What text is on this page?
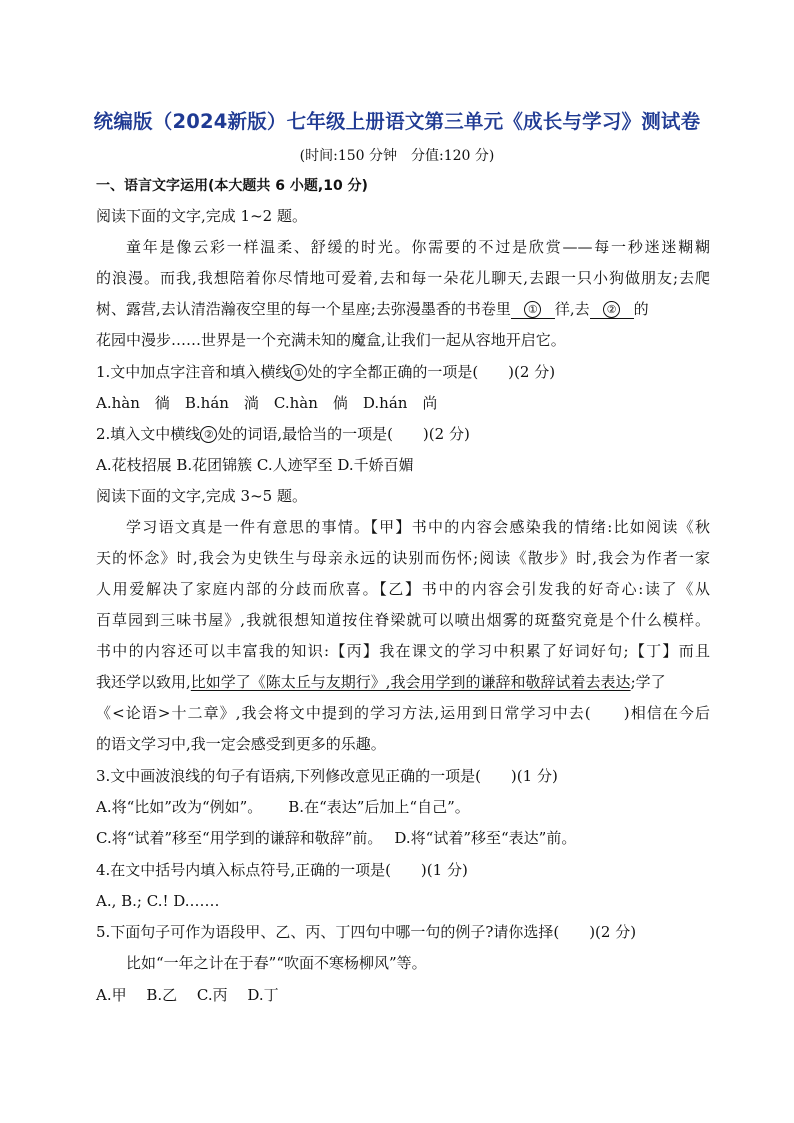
统编版（2024新版）七年级上册语文第三单元《成长与学习》测试卷
(时间:150 分钟　分值:120 分)
一、语言文字运用(本大题共 6 小题,10 分)
阅读下面的文字,完成 1~2 题。
童年是像云彩一样温柔、舒缓的时光。你需要的不过是欣赏——每一秒迷迷糊糊
的浪漫。而我,我想陪着你尽情地可爱着,去和每一朵花儿聊天,去跟一只小狗做朋友;去爬
树、露营,去认清浩瀚夜空里的每一个星座;去弥漫墨香的书卷里 ① 徉,去 ② 的
花园中漫步……世界是一个充满未知的魔盒,让我们一起从容地开启它。
1.文中加点字注音和填入横线 ① 处的字全都正确的一项是(　　)(2 分)
A.hàn　徜　B.hán　淌　C.hàn　倘　D.hán　尚
2.填入文中横线 ② 处的词语,最恰当的一项是(　　)(2 分)
A.花枝招展 B.花团锦簇 C.人迹罕至 D.千娇百媚
阅读下面的文字,完成 3~5 题。
学习语文真是一件有意思的事情。【甲】书中的内容会感染我的情绪:比如阅读《秋
天的怀念》时,我会为史铁生与母亲永远的诀别而伤怀;阅读《散步》时,我会为作者一家
人用爱解决了家庭内部的分歧而欣喜。【乙】书中的内容会引发我的好奇心:读了《从
百草园到三味书屋》,我就很想知道按住脊梁就可以喷出烟雾的斑蝥究竟是个什么模样。
书中的内容还可以丰富我的知识:【丙】我在课文的学习中积累了好词好句;【丁】而且
我还学以致用,比如学了《陈太丘与友期行》,我会用学到的谦辞和敬辞试着去表达;学了
《<论语>十二章》,我会将文中提到的学习方法,运用到日常学习中去(　　)相信在今后
的语文学习中,我一定会感受到更多的乐趣。
3.文中画波浪线的句子有语病,下列修改意见正确的一项是(　　)(1 分)
A.将“比如”改为“例如”。 B.在“表达”后加上“自己”。
C.将“试着”移至“用学到的谦辞和敬辞”前。 D.将“试着”移至“表达”前。
4.在文中括号内填入标点符号,正确的一项是(　　)(1 分)
A., B.; C.! D.……
5.下面句子可作为语段甲、乙、丙、丁四句中哪一句的例子?请你选择(　　)(2 分)
比如“一年之计在于春”“吹面不寒杨柳风”等。
A.甲　 B.乙　 C.丙　 D.丁
